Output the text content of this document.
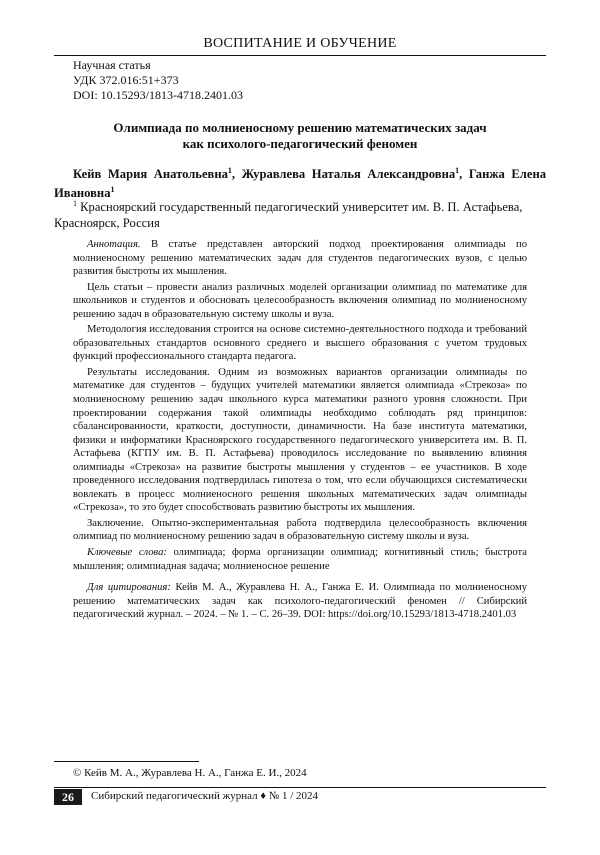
ВОСПИТАНИЕ И ОБУЧЕНИЕ
Научная статья
УДК 372.016:51+373
DOI: 10.15293/1813-4718.2401.03
Олимпиада по молниеносному решению математических задач
как психолого-педагогический феномен
Кейв Мария Анатольевна$^1$, Журавлева Наталья Александровна$^1$, Ганжа Елена Ивановна$^1$
$^1$ Красноярский государственный педагогический университет им. В. П. Астафьева, Красноярск, Россия

Аннотация. В статье представлен авторский подход проектирования олимпиады по молниеносному решению математических задач для студентов педагогических вузов, с целью развития быстроты их мышления.

Цель статьи – провести анализ различных моделей организации олимпиад по математике для школьников и студентов и обосновать целесообразность включения олимпиад по молниеносному решению задач в образовательную систему школы и вуза.

Методология исследования строится на основе системно-деятельностного подхода и требований образовательных стандартов основного среднего и высшего образования с учетом трудовых функций профессионального стандарта педагога.

Результаты исследования. Одним из возможных вариантов организации олимпиады по математике для студентов – будущих учителей математики является олимпиада «Стрекоза» по молниеносному решению задач школьного курса математики разного уровня сложности. При проектировании содержания такой олимпиады необходимо соблюдать ряд принципов: сбалансированности, краткости, доступности, динамичности. На базе института математики, физики и информатики Красноярского государственного педагогического университета им. В. П. Астафьева (КГПУ им. В. П. Астафьева) проводилось исследование по выявлению влияния олимпиады «Стрекоза» на развитие быстроты мышления у студентов – ее участников. В ходе проведенного исследования подтвердилась гипотеза о том, что если обучающихся систематически вовлекать в процесс молниеносного решения школьных математических задач олимпиады «Стрекоза», то это будет способствовать развитию быстроты их мышления.

Заключение. Опытно-экспериментальная работа подтвердила целесообразность включения олимпиад по молниеносному решению задач в образовательную систему школы и вуза.

Ключевые слова: олимпиада; форма организации олимпиад; когнитивный стиль; быстрота мышления; олимпиадная задача; молниеносное решение

Для цитирования: Кейв М. А., Журавлева Н. А., Ганжа Е. И. Олимпиада по молниеносному решению математических задач как психолого-педагогический феномен // Сибирский педагогический журнал. – 2024. – № 1. – С. 26–39. DOI: https://doi.org/10.15293/1813-4718.2401.03

© Кейв М. А., Журавлева Н. А., Ганжа Е. И., 2024
26	Сибирский педагогический журнал ♦ № 1 / 2024
